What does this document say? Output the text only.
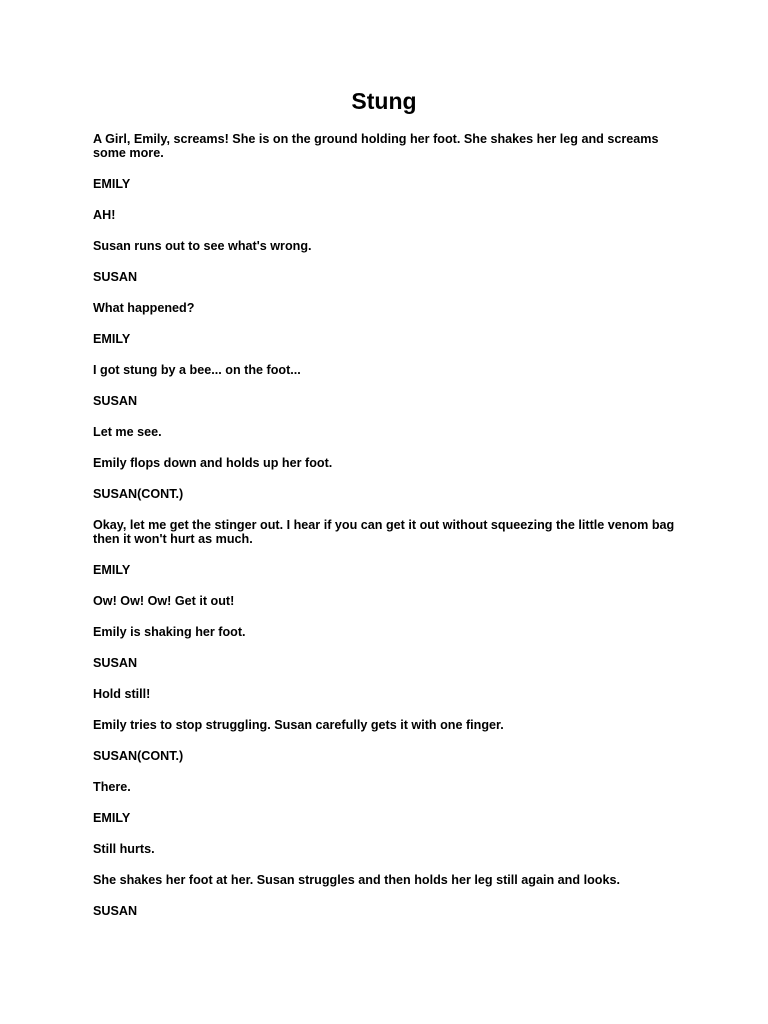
Stung

A Girl, Emily, screams! She is on the ground holding her foot. She shakes her leg and screams some more.

EMILY

AH!

Susan runs out to see what's wrong.

SUSAN

What happened?

EMILY

I got stung by a bee... on the foot...

SUSAN

Let me see.

Emily flops down and holds up her foot.

SUSAN(CONT.)

Okay, let me get the stinger out. I hear if you can get it out without squeezing the little venom bag then it won't hurt as much.

EMILY

Ow! Ow! Ow! Get it out!

Emily is shaking her foot.

SUSAN

Hold still!

Emily tries to stop struggling. Susan carefully gets it with one finger.

SUSAN(CONT.)

There.

EMILY

Still hurts.

She shakes her foot at her. Susan struggles and then holds her leg still again and looks.

SUSAN
